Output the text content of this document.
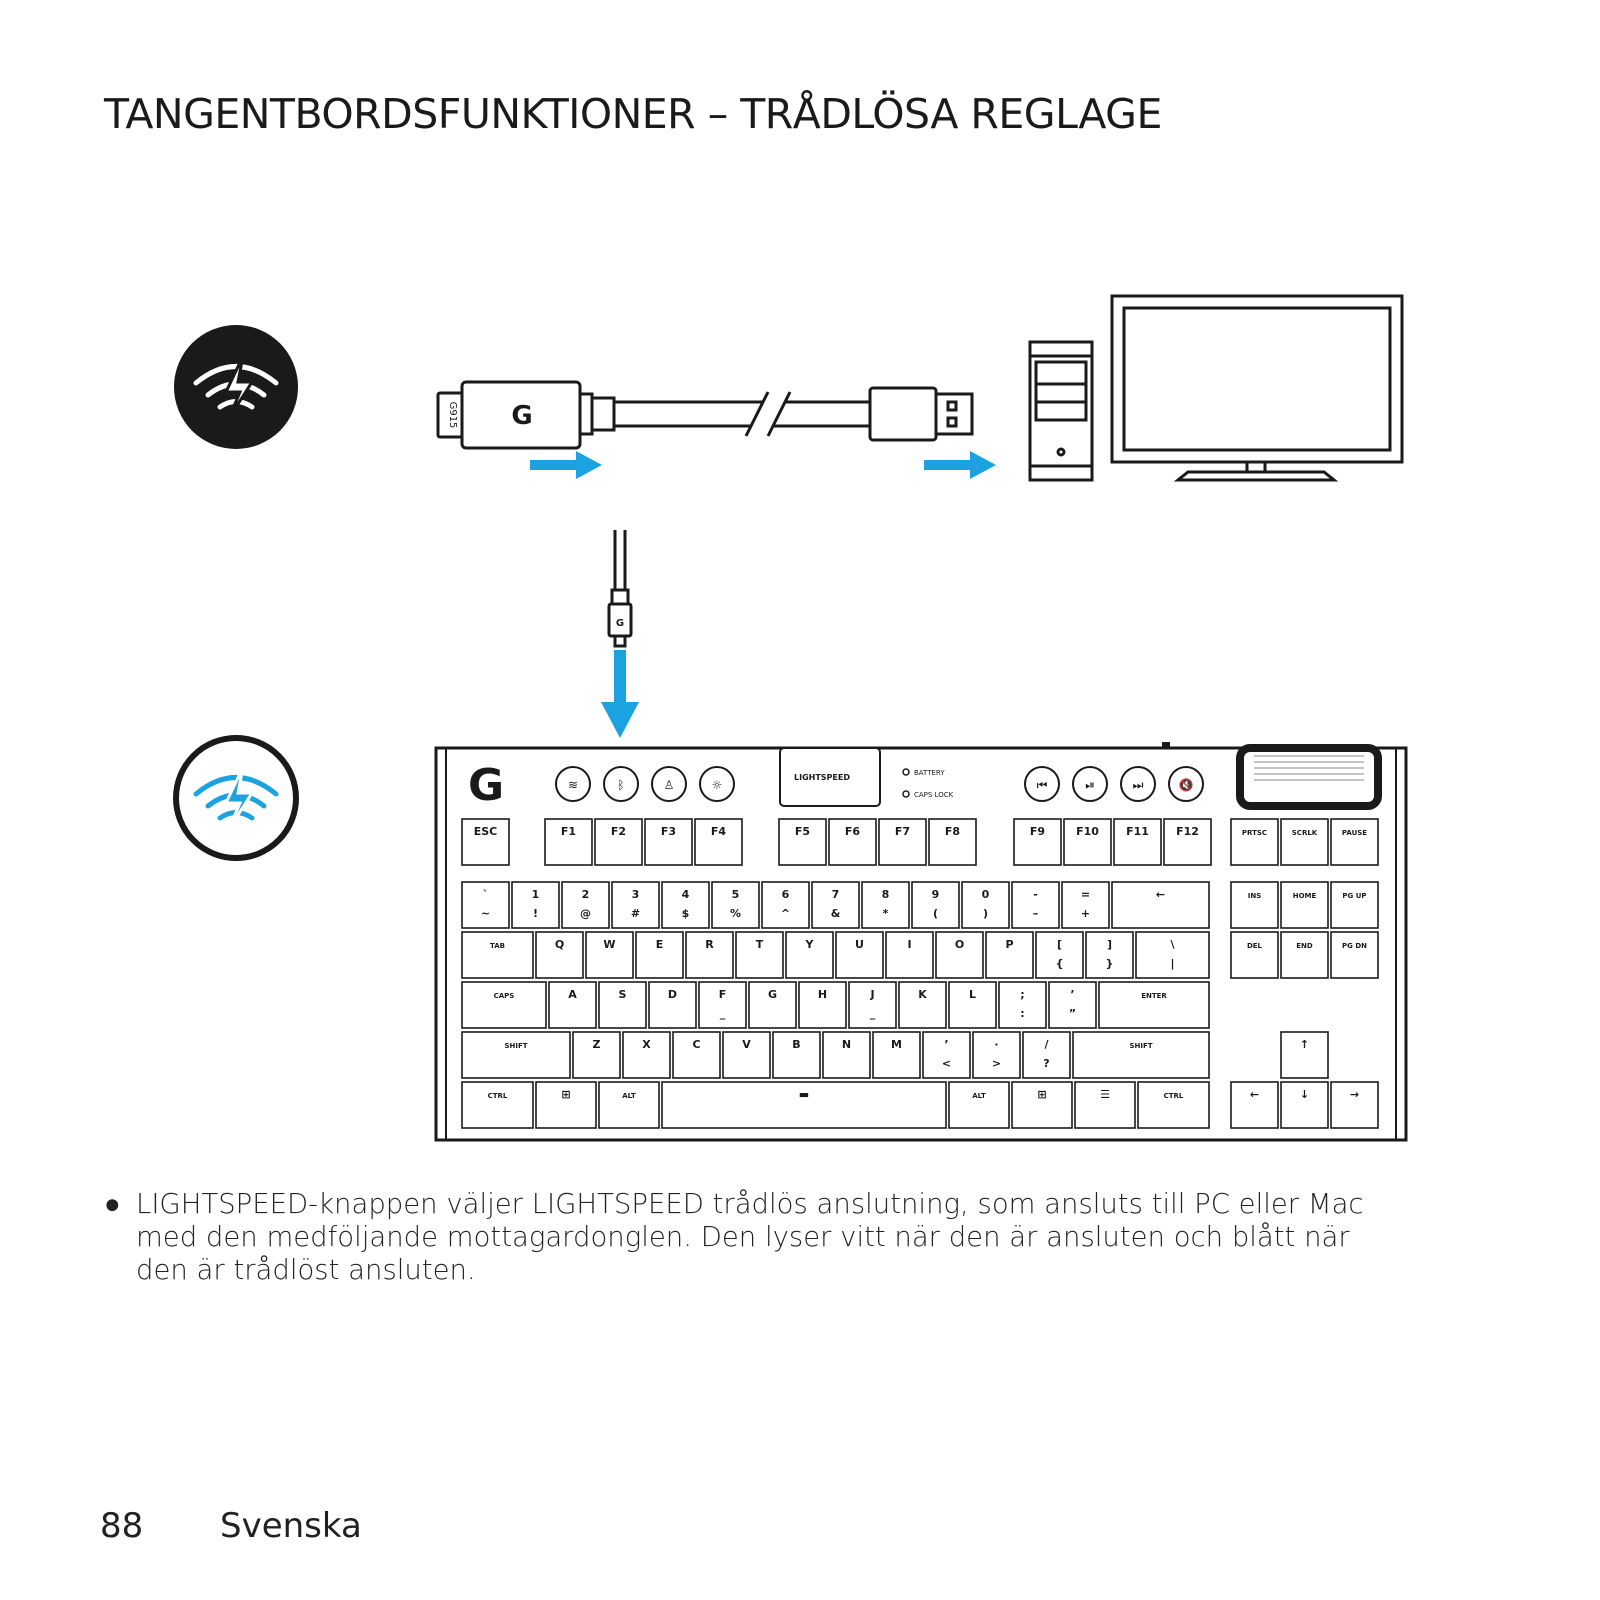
TANGENTBORDSFUNKTIONER – TRÅDLÖSA REGLAGE
G915 G
G
G	≋	ᛒ	♙	☼	⏮	⏯	⏭	🔇
LIGHTSPEED	BATTERY
CAPS LOCK
ESC	F1	F2	F3	F4	F5	F6	F7	F8	F9	F10 F11 F12	PRTSC	SCRLK	PAUSE
`
~
1
!
2
@
3
#
4
$
5
%
6
^
7
&
8
*
9
(
0
)
-
–
=
+
←	INS	HOME	PG UP
TAB	Q	W	E	R	T	Y	U	I	O	P	[
{
]
}
\
|
DEL	END	PG DN
CAPS	A	S	D	F
_
G	H	J
_
K	L	;
:
’
”
ENTER
SHIFT	Z	X	C	V	B	N	M	’
<
·
>
/
?
SHIFT	↑
CTRL	⊞	ALT	▬	ALT	⊞	☰	CTRL	←	↓	→
● LIGHTSPEED-knappen väljer LIGHTSPEED trådlös anslutning, som ansluts till PC eller Mac med den medföljande mottagardonglen. Den lyser vitt när den är ansluten och blått när den är trådlöst ansluten.
88 Svenska
